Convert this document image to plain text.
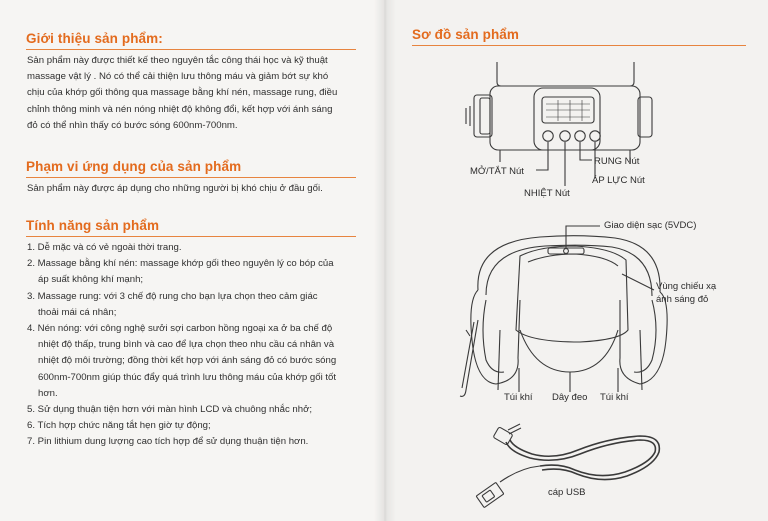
Giới thiệu sản phẩm:
Sản phẩm này được thiết kế theo nguyên tắc công thái học và kỹ thuật
massage vật lý . Nó có thể cải thiện lưu thông máu và giảm bớt sự khó
chịu của khớp gối thông qua massage bằng khí nén, massage rung, điều
chỉnh thông minh và nén nóng nhiệt độ không đổi, kết hợp với ánh sáng
đỏ có thể nhìn thấy có bước sóng 600nm-700nm.
Phạm vi ứng dụng của sản phẩm
Sản phẩm này được áp dụng cho những người bị khó chịu ở đầu gối.
Tính năng sản phẩm
1. Dễ mặc và có vẻ ngoài thời trang.
2. Massage bằng khí nén: massage khớp gối theo nguyên lý co bóp của
áp suất không khí mạnh;
3. Massage rung: với 3 chế độ rung cho bạn lựa chọn theo cảm giác
thoải mái cá nhân;
4. Nén nóng: với công nghệ sưởi sợi carbon hồng ngoại xa ở ba chế độ
nhiệt độ thấp, trung bình và cao để lựa chọn theo nhu cầu cá nhân và
nhiệt độ môi trường; đồng thời kết hợp với ánh sáng đỏ có bước sóng
600nm-700nm giúp thúc đẩy quá trình lưu thông máu của khớp gối tốt
hơn.
5. Sử dụng thuận tiện hơn với màn hình LCD và chuông nhắc nhở;
6. Tích hợp chức năng tắt hẹn giờ tự động;
7. Pin lithium dung lượng cao tích hợp để sử dụng thuận tiện hơn.
Sơ đồ sản phẩm
MỞ/TẮT Nút
NHIỆT Nút
RUNG Nút
ÁP LỰC Nút
Giao diện sạc (5VDC)
Vùng chiếu xạ
ánh sáng đỏ
Túi khí Dây đeo Túi khí
cáp USB
